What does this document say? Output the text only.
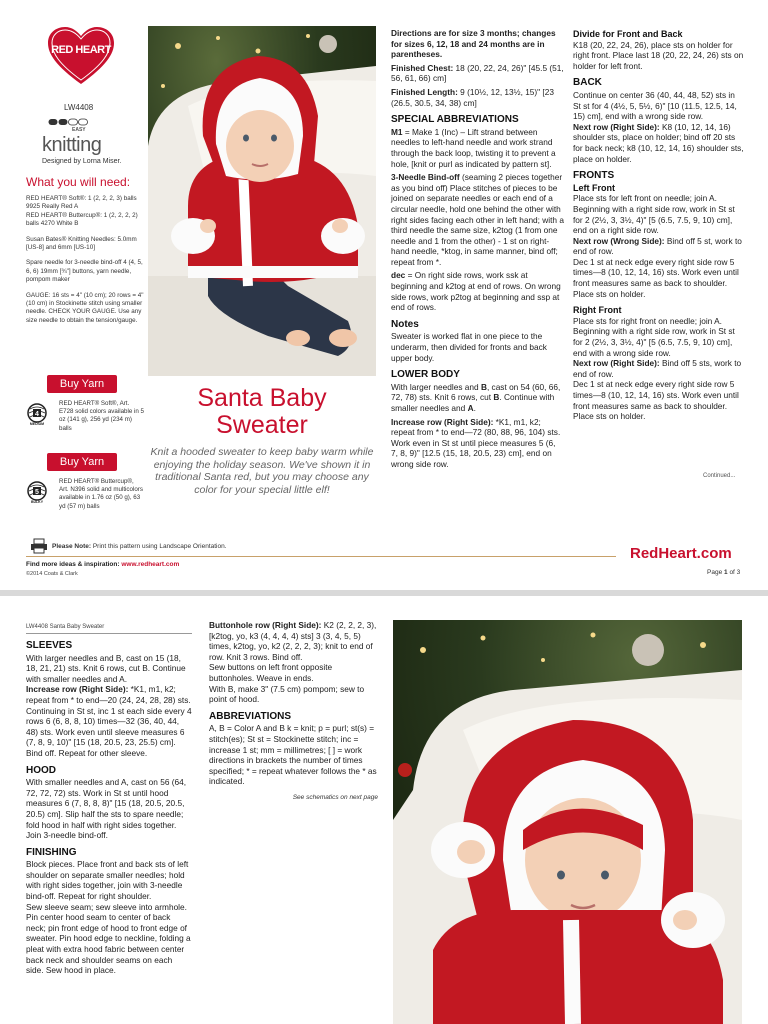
RED HEART
LW4408
EASY
knitting
Designed by Lorna Miser.
What you will need:

RED HEART® Soft®: 1 (2, 2, 2, 3) balls 9925 Really Red A
RED HEART® Buttercup®: 1 (2, 2, 2, 2) balls 4270 White B

Susan Bates® Knitting Needles: 5.0mm [US-8] and 6mm [US-10]

Spare needle for 3-needle bind-off 4 (4, 5, 6, 6) 19mm [¾"] buttons, yarn needle, pompom maker

GAUGE: 16 sts = 4" (10 cm); 20 rows = 4" (10 cm) in Stockinette stitch using smaller needle. CHECK YOUR GAUGE. Use any size needle to obtain the tension/gauge.

Buy Yarn
4
MEDIUM
RED HEART® Soft®, Art. E728 solid colors available in 5 oz (141 g), 256 yd (234 m) balls
Buy Yarn
5
BULKY
RED HEART® Buttercup®, Art. N396 solid and multicolors available in 1.76 oz (50 g), 63 yd (57 m) balls
Santa Baby Sweater
Knit a hooded sweater to keep baby warm while enjoying the holiday season. We've shown it in traditional Santa red, but you may choose any color for your special little elf!

Directions are for size 3 months; changes for sizes 6, 12, 18 and 24 months are in parentheses.

Finished Chest: 18 (20, 22, 24, 26)" [45.5 (51, 56, 61, 66) cm]

Finished Length: 9 (10½, 12, 13½, 15)" [23 (26.5, 30.5, 34, 38) cm]

SPECIAL ABBREVIATIONS

M1 = Make 1 (Inc) – Lift strand between needles to left-hand needle and work strand through the back loop, twisting it to prevent a hole, [knit or purl as indicated by pattern st].

3-Needle Bind-off (seaming 2 pieces together as you bind off) Place stitches of pieces to be joined on separate needles or each end of a circular needle, hold one behind the other with right sides facing each other in left hand; with a third needle the same size, k2tog (1 from one needle and 1 from the other) - 1 st on right-hand needle, *ktog, in same manner, bind off; repeat from *.

dec = On right side rows, work ssk at beginning and k2tog at end of rows. On wrong side rows, work p2tog at beginning and ssp at end of rows.

Notes

Sweater is worked flat in one piece to the underarm, then divided for fronts and back upper body.

LOWER BODY

With larger needles and B, cast on 54 (60, 66, 72, 78) sts. Knit 6 rows, cut B. Continue with smaller needles and A.

Increase row (Right Side): *K1, m1, k2; repeat from * to end—72 (80, 88, 96, 104) sts. Work even in St st until piece measures 5 (6, 7, 8, 9)" [12.5 (15, 18, 20.5, 23) cm], end on wrong side row.

Divide for Front and Back

K18 (20, 22, 24, 26), place sts on holder for right front. Place last 18 (20, 22, 24, 26) sts on holder for left front.

BACK

Continue on center 36 (40, 44, 48, 52) sts in St st for 4 (4½, 5, 5½, 6)" [10 (11.5, 12.5, 14, 15) cm], end with a wrong side row.

Next row (Right Side): K8 (10, 12, 14, 16) shoulder sts, place on holder; bind off 20 sts for back neck; k8 (10, 12, 14, 16) shoulder sts, place on holder.

FRONTS
Left Front

Place sts for left front on needle; join A. Beginning with a right side row, work in St st for 2 (2½, 3, 3½, 4)" [5 (6.5, 7.5, 9, 10) cm], end on a right side row.

Next row (Wrong Side): Bind off 5 st, work to end of row.

Dec 1 st at neck edge every right side row 5 times—8 (10, 12, 14, 16) sts. Work even until front measures same as back to shoulder. Place sts on holder.

Right Front

Place sts for right front on needle; join A. Beginning with a right side row, work in St st for 2 (2½, 3, 3½, 4)" [5 (6.5, 7.5, 9, 10) cm], end with a wrong side row.

Next row (Right Side): Bind off 5 sts, work to end of row.

Dec 1 st at neck edge every right side row 5 times—8 (10, 12, 14, 16) sts. Work even until front measures same as back to shoulder. Place sts on holder.

Continued...
Please Note: Print this pattern using Landscape Orientation.	RedHeart.com
Find more ideas & inspiration: www.redheart.com
©2014 Coats & Clark	Page 1 of 3
LW4408 Santa Baby Sweater
SLEEVES

With larger needles and B, cast on 15 (18, 18, 21, 21) sts. Knit 6 rows, cut B. Continue with smaller needles and A.

Increase row (Right Side): *K1, m1, k2; repeat from * to end—20 (24, 24, 28, 28) sts. Continuing in St st, inc 1 st each side every 4 rows 6 (6, 8, 8, 10) times—32 (36, 40, 44, 48) sts. Work even until sleeve measures 6 (7, 8, 9, 10)" [15 (18, 20.5, 23, 25.5) cm]. Bind off. Repeat for other sleeve.

HOOD

With smaller needles and A, cast on 56 (64, 72, 72, 72) sts. Work in St st until hood measures 6 (7, 8, 8, 8)" [15 (18, 20.5, 20.5, 20.5) cm]. Slip half the sts to spare needle; fold hood in half with right sides together. Join 3-needle bind-off.

FINISHING

Block pieces. Place front and back sts of left shoulder on separate smaller needles; hold with right sides together, join with 3-needle bind-off. Repeat for right shoulder.
Sew sleeve seam; sew sleeve into armhole.
Pin center hood seam to center of back neck; pin front edge of hood to front edge of sweater. Pin hood edge to neckline, folding a pleat with extra hood fabric between center back neck and shoulder seams on each side. Sew hood in place.

Buttonhole row (Right Side): K2 (2, 2, 2, 3), [k2tog, yo, k3 (4, 4, 4, 4) sts] 3 (3, 4, 5, 5) times, k2tog, yo, k2 (2, 2, 2, 3); knit to end of row. Knit 3 rows. Bind off.
Sew buttons on left front opposite buttonholes. Weave in ends.
With B, make 3" (7.5 cm) pompom; sew to point of hood.

ABBREVIATIONS

A, B = Color A and B k = knit; p = purl; st(s) = stitch(es); St st = Stockinette stitch; inc = increase 1 st; mm = millimetres; [ ] = work directions in brackets the number of times specified; * = repeat whatever follows the * as indicated.

See schematics on next page
